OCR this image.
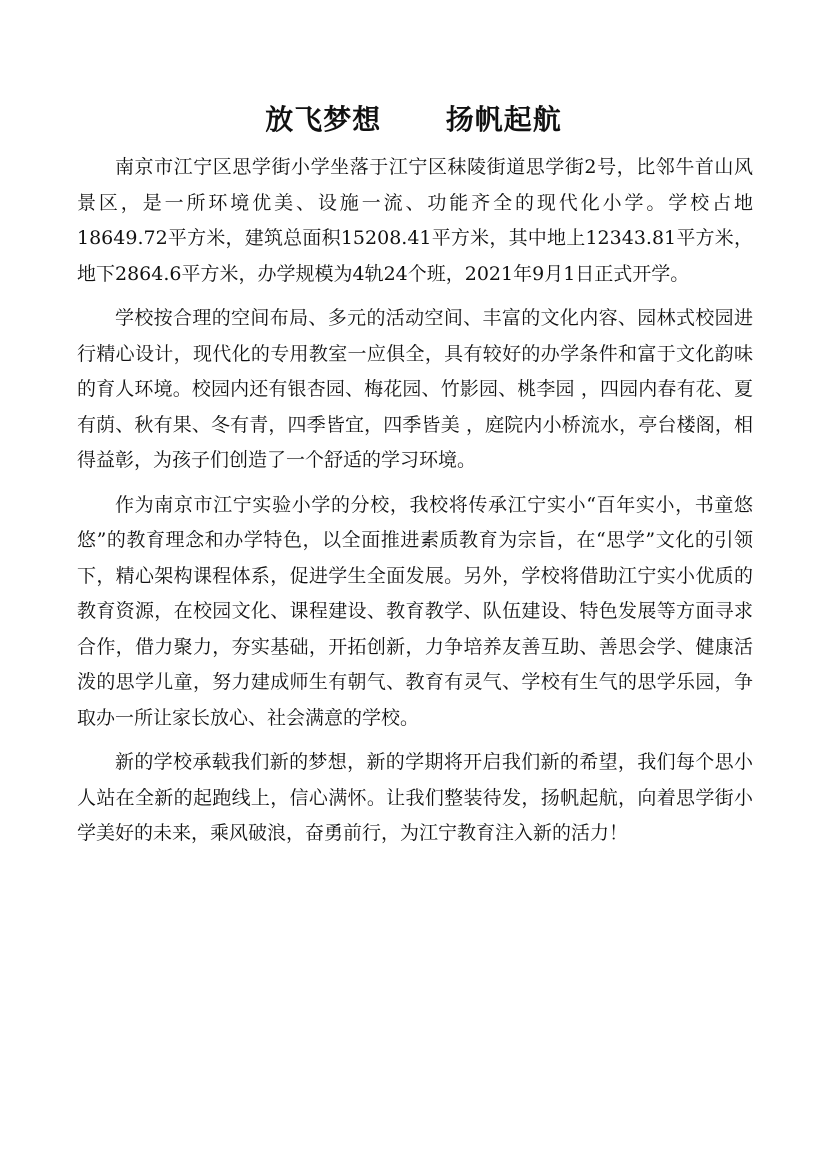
放飞梦想      扬帆起航

南京市江宁区思学街小学坐落于江宁区秣陵街道思学街2号，比邻牛首山风景区，是一所环境优美、设施一流、功能齐全的现代化小学。学校占地18649.72平方米，建筑总面积15208.41平方米，其中地上12343.81平方米，地下2864.6平方米，办学规模为4轨24个班，2021年9月1日正式开学。

学校按合理的空间布局、多元的活动空间、丰富的文化内容、园林式校园进行精心设计，现代化的专用教室一应俱全，具有较好的办学条件和富于文化韵味的育人环境。校园内还有银杏园、梅花园、竹影园、桃李园 ，四园内春有花、夏有荫、秋有果、冬有青，四季皆宜，四季皆美 ，庭院内小桥流水，亭台楼阁，相得益彰，为孩子们创造了一个舒适的学习环境。

作为南京市江宁实验小学的分校，我校将传承江宁实小“百年实小，书童悠悠”的教育理念和办学特色，以全面推进素质教育为宗旨，在“思学”文化的引领下，精心架构课程体系，促进学生全面发展。另外，学校将借助江宁实小优质的教育资源，在校园文化、课程建设、教育教学、队伍建设、特色发展等方面寻求合作，借力聚力，夯实基础，开拓创新，力争培养友善互助、善思会学、健康活泼的思学儿童，努力建成师生有朝气、教育有灵气、学校有生气的思学乐园，争取办一所让家长放心、社会满意的学校。

新的学校承载我们新的梦想，新的学期将开启我们新的希望，我们每个思小人站在全新的起跑线上，信心满怀。让我们整装待发，扬帆起航，向着思学街小学美好的未来，乘风破浪，奋勇前行，为江宁教育注入新的活力！
